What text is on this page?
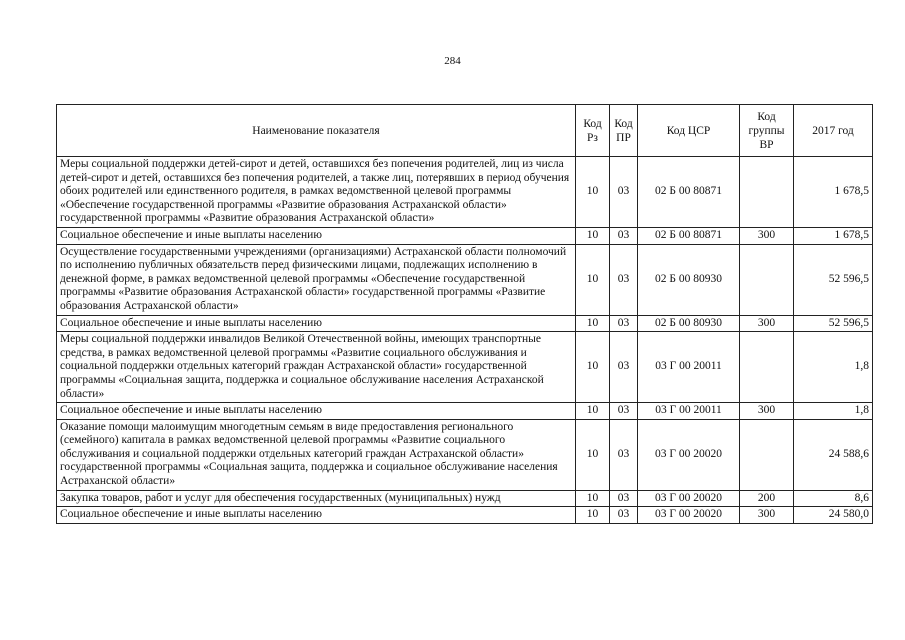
284
Наименование показателя	Код Рз	Код ПР	Код ЦСР	Код группы ВР	2017 год
Меры социальной поддержки детей-сирот и детей, оставшихся без попечения родителей, лиц из числа детей-сирот и детей, оставшихся без попечения родителей, а также лиц, потерявших в период обучения обоих родителей или единственного родителя, в рамках ведомственной целевой программы «Обеспечение государственной программы «Развитие образования Астраханской области» государственной программы «Развитие образования Астраханской области»	10	03	02 Б 00 80871		1 678,5
Социальное обеспечение и иные выплаты населению	10	03	02 Б 00 80871	300	1 678,5
Осуществление государственными учреждениями (организациями) Астраханской области полномочий по исполнению публичных обязательств перед физическими лицами, подлежащих исполнению в денежной форме, в рамках ведомственной целевой программы «Обеспечение государственной программы «Развитие образования Астраханской области» государственной программы «Развитие образования Астраханской области»	10	03	02 Б 00 80930		52 596,5
Социальное обеспечение и иные выплаты населению	10	03	02 Б 00 80930	300	52 596,5
Меры социальной поддержки инвалидов Великой Отечественной войны, имеющих транспортные средства, в рамках ведомственной целевой программы «Развитие социального обслуживания и социальной поддержки отдельных категорий граждан Астраханской области» государственной программы «Социальная защита, поддержка и социальное обслуживание населения Астраханской области»	10	03	03 Г 00 20011		1,8
Социальное обеспечение и иные выплаты населению	10	03	03 Г 00 20011	300	1,8
Оказание помощи малоимущим многодетным семьям в виде предоставления регионального (семейного) капитала в рамках ведомственной целевой программы «Развитие социального обслуживания и социальной поддержки отдельных категорий граждан Астраханской области» государственной программы «Социальная защита, поддержка и социальное обслуживание населения Астраханской области»	10	03	03 Г 00 20020		24 588,6
Закупка товаров, работ и услуг для обеспечения государственных (муниципальных) нужд	10	03	03 Г 00 20020	200	8,6
Социальное обеспечение и иные выплаты населению	10	03	03 Г 00 20020	300	24 580,0
